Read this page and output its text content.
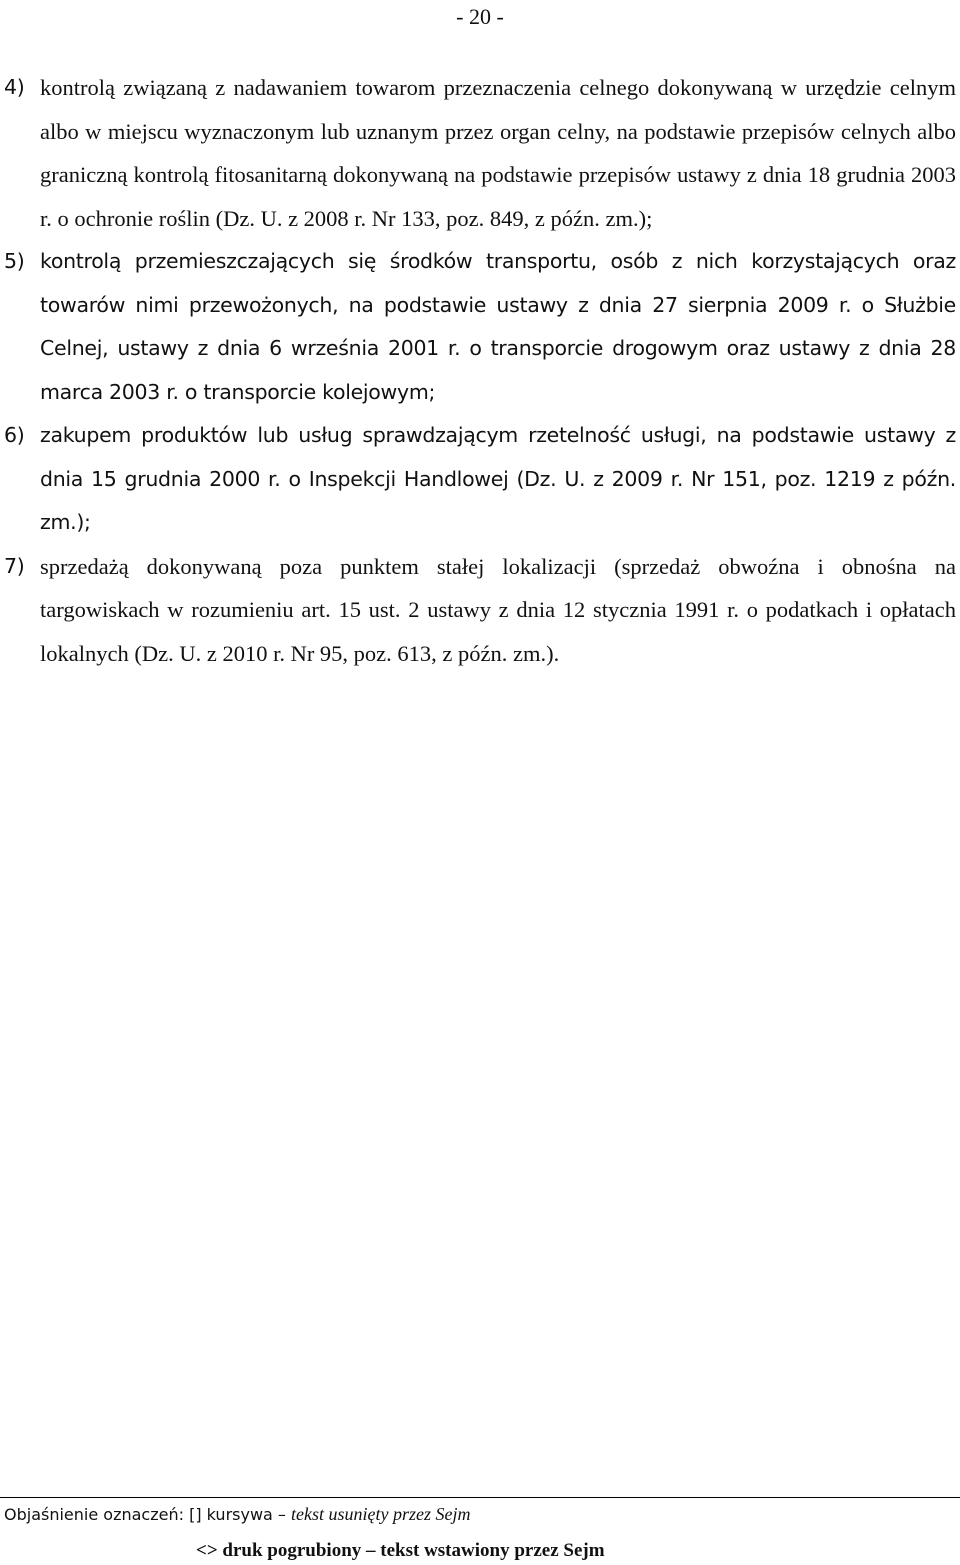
- 20 -
4) kontrolą związaną z nadawaniem towarom przeznaczenia celnego dokonywaną w urzędzie celnym albo w miejscu wyznaczonym lub uznanym przez organ celny, na podstawie przepisów celnych albo graniczną kontrolą fitosanitarną dokonywaną na podstawie przepisów ustawy z dnia 18 grudnia 2003 r. o ochronie roślin (Dz. U. z 2008 r. Nr 133, poz. 849, z późn. zm.);
5) kontrolą przemieszczających się środków transportu, osób z nich korzystających oraz towarów nimi przewożonych, na podstawie ustawy z dnia 27 sierpnia 2009 r. o Służbie Celnej, ustawy z dnia 6 września 2001 r. o transporcie drogowym oraz ustawy z dnia 28 marca 2003 r. o transporcie kolejowym;
6) zakupem produktów lub usług sprawdzającym rzetelność usługi, na podstawie ustawy z dnia 15 grudnia 2000 r. o Inspekcji Handlowej (Dz. U. z 2009 r. Nr 151, poz. 1219 z późn. zm.);
7) sprzedażą dokonywaną poza punktem stałej lokalizacji (sprzedaż obwoźna i obnośna na targowiskach w rozumieniu art. 15 ust. 2 ustawy z dnia 12 stycznia 1991 r. o podatkach i opłatach lokalnych (Dz. U. z 2010 r. Nr 95, poz. 613, z późn. zm.).
Objaśnienie oznaczeń: [] kursywa – tekst usunięty przez Sejm
<> druk pogrubiony – tekst wstawiony przez Sejm
